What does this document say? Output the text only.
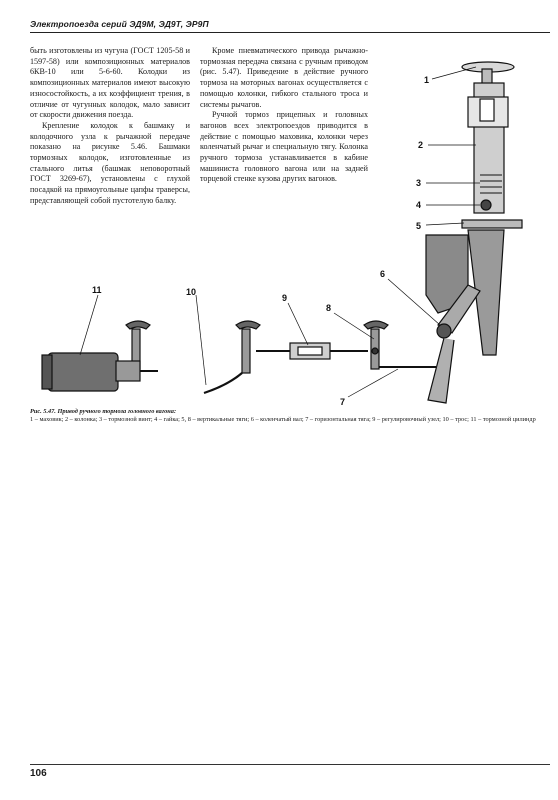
Электропоезда серий ЭД9М, ЭД9Т, ЭР9П

быть изготовлены из чугуна (ГОСТ 1205-58 и 1597-58) или композиционных материалов 6КВ-10 или 5-6-60. Колодки из композиционных материалов имеют высокую износостойкость, а их коэффициент трения, в отличие от чугунных колодок, мало зависит от скорости движения поезда.

Крепление колодок к башмаку и колодочного узла к рычажной передаче показано на рисунке 5.46. Башмаки тормозных колодок, изготовленные из стального литья (башмак неповоротный ГОСТ 3269-67), установлены с глухой посадкой на прямоугольные цапфы траверсы, представляющей собой пустотелую балку.

Кроме пневматического привода рычажно-тормозная передача связана с ручным приводом (рис. 5.47). Приведение в действие ручного тормоза на моторных вагонах осуществляется с помощью колонки, гибкого стального троса и системы рычагов.

Ручной тормоз прицепных и головных вагонов всех электропоездов приводится в действие с помощью маховика, колонки через коленчатый рычаг и специальную тягу. Колонка ручного тормоза устанавливается в кабине машиниста головного вагона или на задней торцевой стенке кузова других вагонов.

1
2
3
4
5
6
7
8
9
10
11
Рис. 5.47. Привод ручного тормоза головного вагона:
1 – маховик; 2 – колонка; 3 – тормозной винт; 4 – гайка; 5, 8 – вертикальные тяги; 6 – коленчатый вал; 7 – горизонтальная тяга; 9 – регулировочный узел; 10 – трос; 11 – тормозной цилиндр
106
